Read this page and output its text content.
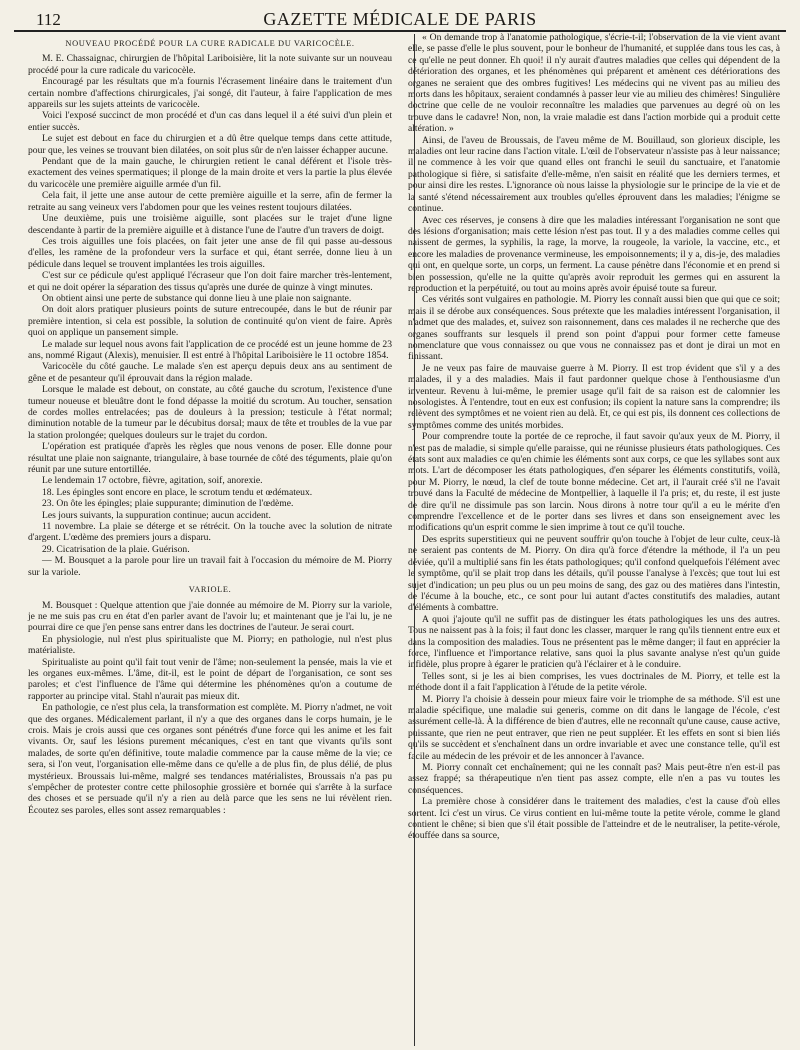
112	GAZETTE MÉDICALE DE PARIS
NOUVEAU PROCÉDÉ POUR LA CURE RADICALE DU VARICOCÈLE.

M. E. Chassaignac, chirurgien de l'hôpital Lariboisière, lit la note suivante sur un nouveau procédé pour la cure radicale du varicocèle.

Encouragé par les résultats que m'a fournis l'écrasement linéaire dans le traitement d'un certain nombre d'affections chirurgicales, j'ai songé, dit l'auteur, à faire l'application de mes appareils sur les sujets atteints de varicocèle.

Voici l'exposé succinct de mon procédé et d'un cas dans lequel il a été suivi d'un plein et entier succès.

Le sujet est debout en face du chirurgien et a dû être quelque temps dans cette attitude, pour que, les veines se trouvant bien dilatées, on soit plus sûr de n'en laisser échapper aucune.

Pendant que de la main gauche, le chirurgien retient le canal déférent et l'isole très-exactement des veines spermatiques; il plonge de la main droite et vers la partie la plus élevée du varicocèle une première aiguille armée d'un fil.

Cela fait, il jette une anse autour de cette première aiguille et la serre, afin de fermer la retraite au sang veineux vers l'abdomen pour que les veines restent toujours dilatées.

Une deuxième, puis une troisième aiguille, sont placées sur le trajet d'une ligne descendante à partir de la première aiguille et à distance l'une de l'autre d'un travers de doigt.

Ces trois aiguilles une fois placées, on fait jeter une anse de fil qui passe au-dessous d'elles, les ramène de la profondeur vers la surface et qui, étant serrée, donne lieu à un pédicule dans lequel se trouvent implantées les trois aiguilles.

C'est sur ce pédicule qu'est appliqué l'écraseur que l'on doit faire marcher très-lentement, et qui ne doit opérer la séparation des tissus qu'après une durée de quinze à vingt minutes.

On obtient ainsi une perte de substance qui donne lieu à une plaie non saignante.

On doit alors pratiquer plusieurs points de suture entrecoupée, dans le but de réunir par première intention, si cela est possible, la solution de continuité qu'on vient de faire. Après quoi on applique un pansement simple.

Le malade sur lequel nous avons fait l'application de ce procédé est un jeune homme de 23 ans, nommé Rigaut (Alexis), menuisier. Il est entré à l'hôpital Lariboisière le 11 octobre 1854.

Varicocèle du côté gauche. Le malade s'en est aperçu depuis deux ans au sentiment de gêne et de pesanteur qu'il éprouvait dans la région malade.

Lorsque le malade est debout, on constate, au côté gauche du scrotum, l'existence d'une tumeur noueuse et bleuâtre dont le fond dépasse la moitié du scrotum. Au toucher, sensation de cordes molles entrelacées; pas de douleurs à la pression; testicule à l'état normal; diminution notable de la tumeur par le décubitus dorsal; maux de tête et troubles de la vue par la station prolongée; quelques douleurs sur le trajet du cordon.

L'opération est pratiquée d'après les règles que nous venons de poser. Elle donne pour résultat une plaie non saignante, triangulaire, à base tournée de côté des téguments, plaie qu'on réunit par une suture entortillée.

Le lendemain 17 octobre, fièvre, agitation, soif, anorexie.

18. Les épingles sont encore en place, le scrotum tendu et œdémateux.

23. On ôte les épingles; plaie suppurante; diminution de l'œdème.

Les jours suivants, la suppuration continue; aucun accident.

11 novembre. La plaie se déterge et se rétrécit. On la touche avec la solution de nitrate d'argent. L'œdème des premiers jours a disparu.

29. Cicatrisation de la plaie. Guérison.

— M. Bousquet a la parole pour lire un travail fait à l'occasion du mémoire de M. Piorry sur la variole.

VARIOLE.

M. Bousquet : Quelque attention que j'aie donnée au mémoire de M. Piorry sur la variole, je ne me suis pas cru en état d'en parler avant de l'avoir lu; et maintenant que je l'ai lu, je ne pourrai dire ce que j'en pense sans entrer dans les doctrines de l'auteur. Je serai court.

En physiologie, nul n'est plus spiritualiste que M. Piorry; en pathologie, nul n'est plus matérialiste.

Spiritualiste au point qu'il fait tout venir de l'âme; non-seulement la pensée, mais la vie et les organes eux-mêmes. L'âme, dit-il, est le point de départ de l'organisation, ce sont ses paroles; et c'est l'influence de l'âme qui détermine les phénomènes qu'on a coutume de rapporter au principe vital. Stahl n'aurait pas mieux dit.

En pathologie, ce n'est plus cela, la transformation est complète. M. Piorry n'admet, ne voit que des organes. Médicalement parlant, il n'y a que des organes dans le corps humain, je le crois. Mais je crois aussi que ces organes sont pénétrés d'une force qui les anime et les fait vivants. Or, sauf les lésions purement mécaniques, c'est en tant que vivants qu'ils sont malades, de sorte qu'en définitive, toute maladie commence par la cause même de la vie; ce sera, si l'on veut, l'organisation elle-même dans ce qu'elle a de plus fin, de plus délié, de plus mystérieux. Broussais lui-même, malgré ses tendances matérialistes, Broussais n'a pas pu s'empêcher de protester contre cette philosophie grossière et bornée qui s'arrête à la surface des choses et se persuade qu'il n'y a rien au delà parce que les sens ne lui révèlent rien. Écoutez ses paroles, elles sont assez remarquables :

« On demande trop à l'anatomie pathologique, s'écrie-t-il; l'observation de la vie vient avant elle, se passe d'elle le plus souvent, pour le bonheur de l'humanité, et supplée dans tous les cas, à ce qu'elle ne peut donner. Eh quoi! il n'y aurait d'autres maladies que celles qui dépendent de la détérioration des organes, et les phénomènes qui préparent et amènent ces détériorations des organes ne seraient que des ombres fugitives! Les médecins qui ne vivent pas au milieu des morts dans les hôpitaux, seraient condamnés à passer leur vie au milieu des chimères! Singulière doctrine que celle de ne vouloir reconnaître les maladies que parvenues au degré où on les trouve dans le cadavre! Non, non, la vraie maladie est dans l'action morbide qui a produit cette altération. »

Ainsi, de l'aveu de Broussais, de l'aveu même de M. Bouillaud, son glorieux disciple, les maladies ont leur racine dans l'action vitale. L'œil de l'observateur n'assiste pas à leur naissance; il ne commence à les voir que quand elles ont franchi le seuil du sanctuaire, et l'anatomie pathologique si fière, si satisfaite d'elle-même, n'en saisit en réalité que les derniers termes, et pour ainsi dire les restes. L'ignorance où nous laisse la physiologie sur le principe de la vie et de la santé s'étend nécessairement aux troubles qu'elles éprouvent dans les maladies; l'énigme se continue.

Avec ces réserves, je consens à dire que les maladies intéressant l'organisation ne sont que des lésions d'organisation; mais cette lésion n'est pas tout. Il y a des maladies comme celles qui naissent de germes, la syphilis, la rage, la morve, la rougeole, la variole, la vaccine, etc., et encore les maladies de provenance vermineuse, les empoisonnements; il y a, dis-je, des maladies qui ont, en quelque sorte, un corps, un ferment. La cause pénètre dans l'économie et en prend si bien possession, qu'elle ne la quitte qu'après avoir reproduit les germes qui en assurent la reproduction et la perpétuité, ou tout au moins après avoir épuisé toute sa fureur.

Ces vérités sont vulgaires en pathologie. M. Piorry les connaît aussi bien que qui que ce soit; mais il se dérobe aux conséquences. Sous prétexte que les maladies intéressent l'organisation, il n'admet que des malades, et, suivez son raisonnement, dans ces malades il ne recherche que des organes souffrants sur lesquels il prend son point d'appui pour former cette fameuse nomenclature que vous connaissez ou que vous ne connaissez pas et dont je dirai un mot en finissant.

Je ne veux pas faire de mauvaise guerre à M. Piorry. Il est trop évident que s'il y a des malades, il y a des maladies. Mais il faut pardonner quelque chose à l'enthousiasme d'un inventeur. Revenu à lui-même, le premier usage qu'il fait de sa raison est de calomnier les nosologistes. À l'entendre, tout en eux est confusion; ils copient la nature sans la comprendre; ils relèvent des symptômes et ne voient rien au delà. Et, ce qui est pis, ils donnent ces collections de symptômes comme des unités morbides.

Pour comprendre toute la portée de ce reproche, il faut savoir qu'aux yeux de M. Piorry, il n'est pas de maladie, si simple qu'elle paraisse, qui ne réunisse plusieurs états pathologiques. Ces états sont aux maladies ce qu'en chimie les éléments sont aux corps, ce que les syllabes sont aux mots. L'art de décomposer les états pathologiques, d'en séparer les éléments constitutifs, voilà, pour M. Piorry, le nœud, la clef de toute bonne médecine. Cet art, il l'aurait créé s'il ne l'avait trouvé dans la Faculté de médecine de Montpellier, à laquelle il l'a pris; et, du reste, il est juste de dire qu'il ne dissimule pas son larcin. Nous dirons à notre tour qu'il a eu le mérite d'en comprendre l'excellence et de le porter dans ses livres et dans son enseignement avec les modifications qu'un esprit comme le sien imprime à tout ce qu'il touche.

Des esprits superstitieux qui ne peuvent souffrir qu'on touche à l'objet de leur culte, ceux-là ne seraient pas contents de M. Piorry. On dira qu'à force d'étendre la méthode, il l'a un peu déviée, qu'il a multiplié sans fin les états pathologiques; qu'il confond quelquefois l'élément avec le symptôme, qu'il se plait trop dans les détails, qu'il pousse l'analyse à l'excès; que tout lui est sujet d'indication; un peu plus ou un peu moins de sang, des gaz ou des matières dans l'intestin, de l'écume à la bouche, etc., ce sont pour lui autant d'actes constitutifs des maladies, autant d'éléments à combattre.

A quoi j'ajoute qu'il ne suffit pas de distinguer les états pathologiques les uns des autres. Tous ne naissent pas à la fois; il faut donc les classer, marquer le rang qu'ils tiennent entre eux et dans la composition des maladies. Tous ne présentent pas le même danger; il faut en apprécier la force, l'influence et l'importance relative, sans quoi la plus savante analyse n'est qu'un guide infidèle, plus propre à égarer le praticien qu'à l'éclairer et à le conduire.

Telles sont, si je les ai bien comprises, les vues doctrinales de M. Piorry, et telle est la méthode dont il a fait l'application à l'étude de la petite vérole.

M. Piorry l'a choisie à dessein pour mieux faire voir le triomphe de sa méthode. S'il est une maladie spécifique, une maladie sui generis, comme on dit dans le langage de l'école, c'est assurément celle-là. À la différence de bien d'autres, elle ne reconnaît qu'une cause, cause active, puissante, que rien ne peut entraver, que rien ne peut suppléer. Et les effets en sont si bien liés qu'ils se succèdent et s'enchaînent dans un ordre invariable et avec une constance telle, qu'il est facile au médecin de les prévoir et de les annoncer à l'avance.

M. Piorry connaît cet enchaînement; qui ne les connaît pas? Mais peut-être n'en est-il pas assez frappé; sa thérapeutique n'en tient pas assez compte, elle n'en a pas vu toutes les conséquences.

La première chose à considérer dans le traitement des maladies, c'est la cause d'où elles sortent. Ici c'est un virus. Ce virus contient en lui-même toute la petite vérole, comme le gland contient le chêne; si bien que s'il était possible de l'atteindre et de le neutraliser, la petite-vérole, étouffée dans sa source,
